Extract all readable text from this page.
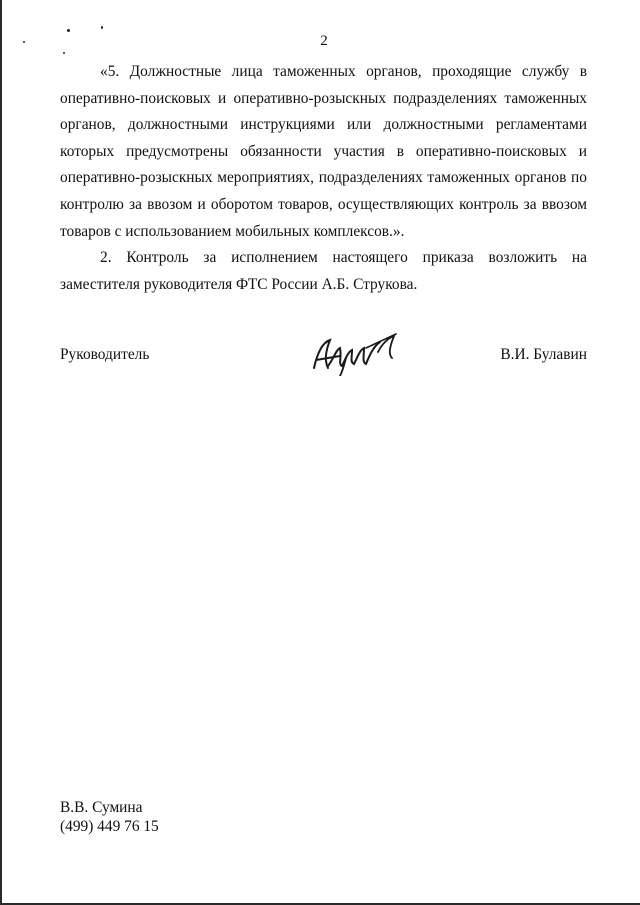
2

«5. Должностные лица таможенных органов, проходящие службу в оперативно-поисковых и оперативно-розыскных подразделениях таможенных органов, должностными инструкциями или должностными регламентами которых предусмотрены обязанности участия в оперативно-поисковых и оперативно-розыскных мероприятиях, подразделениях таможенных органов по контролю за ввозом и оборотом товаров, осуществляющих контроль за ввозом товаров с использованием мобильных комплексов.».

2. Контроль за исполнением настоящего приказа возложить на заместителя руководителя ФТС России А.Б. Струкова.

Руководитель	В.И. Булавин
В.В. Сумина
(499) 449 76 15
